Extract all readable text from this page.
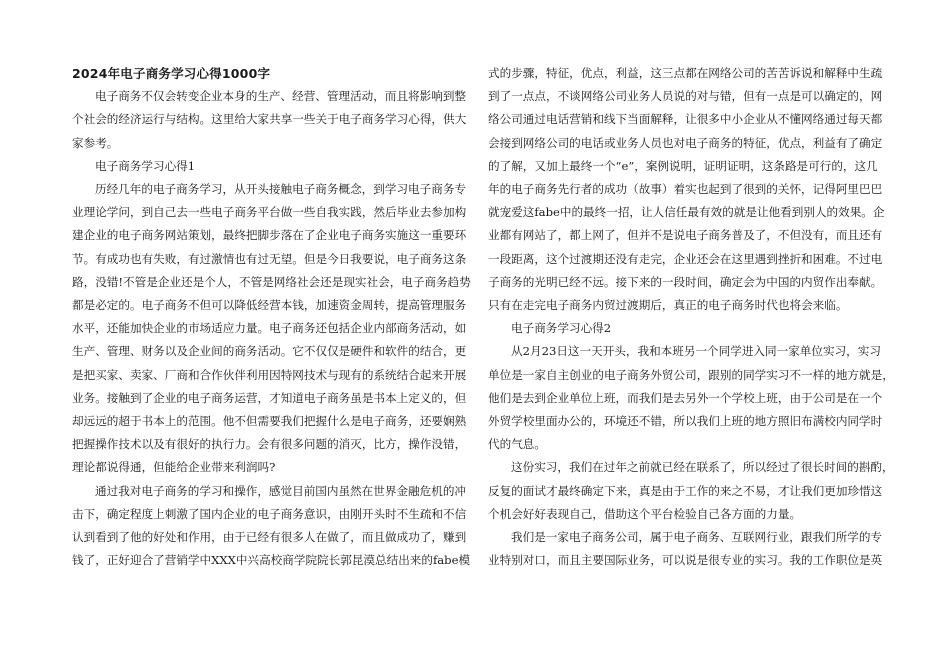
2024年电子商务学习心得1000字
电子商务不仅会转变企业本身的生产、经营、管理活动，而且将影响到整
个社会的经济运行与结构。这里给大家共享一些关于电子商务学习心得，供大
家参考。
电子商务学习心得1
历经几年的电子商务学习，从开头接触电子商务概念，到学习电子商务专
业理论学问，到自己去一些电子商务平台做一些自我实践，然后毕业去参加构
建企业的电子商务网站策划，最终把脚步落在了企业电子商务实施这一重要环
节。有成功也有失败，有过激情也有过无望。但是今日我要说，电子商务这条
路，没错!不管是企业还是个人，不管是网络社会还是现实社会，电子商务趋势
都是必定的。电子商务不但可以降低经营本钱，加速资金周转，提高管理服务
水平，还能加快企业的市场适应力量。电子商务还包括企业内部商务活动，如
生产、管理、财务以及企业间的商务活动。它不仅仅是硬件和软件的结合，更
是把买家、卖家、厂商和合作伙伴利用因特网技术与现有的系统结合起来开展
业务。接触到了企业的电子商务运营，才知道电子商务虽是书本上定义的，但
却远远的超于书本上的范围。他不但需要我们把握什么是电子商务，还要娴熟
把握操作技术以及有很好的执行力。会有很多问题的消灭，比方，操作没错，
理论都说得通，但能给企业带来利润吗?
通过我对电子商务的学习和操作，感觉目前国内虽然在世界金融危机的冲
击下，确定程度上刺激了国内企业的电子商务意识，由刚开头时不生疏和不信
认到看到了他的好处和作用，由于已经有很多人在做了，而且做成功了，赚到
钱了，正好迎合了营销学中XXX中兴高校商学院院长郭昆漠总结出来的fabe模
式的步骤，特征，优点，利益，这三点都在网络公司的苦苦诉说和解释中生疏
到了一点点，不谈网络公司业务人员说的对与错，但有一点是可以确定的，网
络公司通过电话营销和线下当面解释，让很多中小企业从不懂网络通过每天都
会接到网络公司的电话或业务人员也对电子商务的特征，优点，利益有了确定
的了解，又加上最终一个“e”，案例说明，证明证明，这条路是可行的，这几
年的电子商务先行者的成功（故事）着实也起到了很到的关怀，记得阿里巴巴
就宠爱这fabe中的最终一招，让人信任最有效的就是让他看到别人的效果。企
业都有网站了，都上网了，但并不是说电子商务普及了，不但没有，而且还有
一段距离，这个过渡期还没有走完，企业还会在这里遇到挫折和困难。不过电
子商务的光明已经不远。接下来的一段时间，确定会为中国的内贸作出奉献。
只有在走完电子商务内贸过渡期后，真正的电子商务时代也将会来临。
电子商务学习心得2
从2月23日这一天开头，我和本班另一个同学进入同一家单位实习，实习
单位是一家自主创业的电子商务外贸公司，跟别的同学实习不一样的地方就是，
他们是去到企业单位上班，而我们是去另外一个学校上班，由于公司是在一个
外贸学校里面办公的，环境还不错，所以我们上班的地方照旧布满校内同学时
代的气息。
这份实习，我们在过年之前就已经在联系了，所以经过了很长时间的斟酌，
反复的面试才最终确定下来，真是由于工作的来之不易，才让我们更加珍惜这
个机会好好表现自己，借助这个平台检验自己各方面的力量。
我们是一家电子商务公司，属于电子商务、互联网行业，跟我们所学的专
业特别对口，而且主要国际业务，可以说是很专业的实习。我的工作职位是英
